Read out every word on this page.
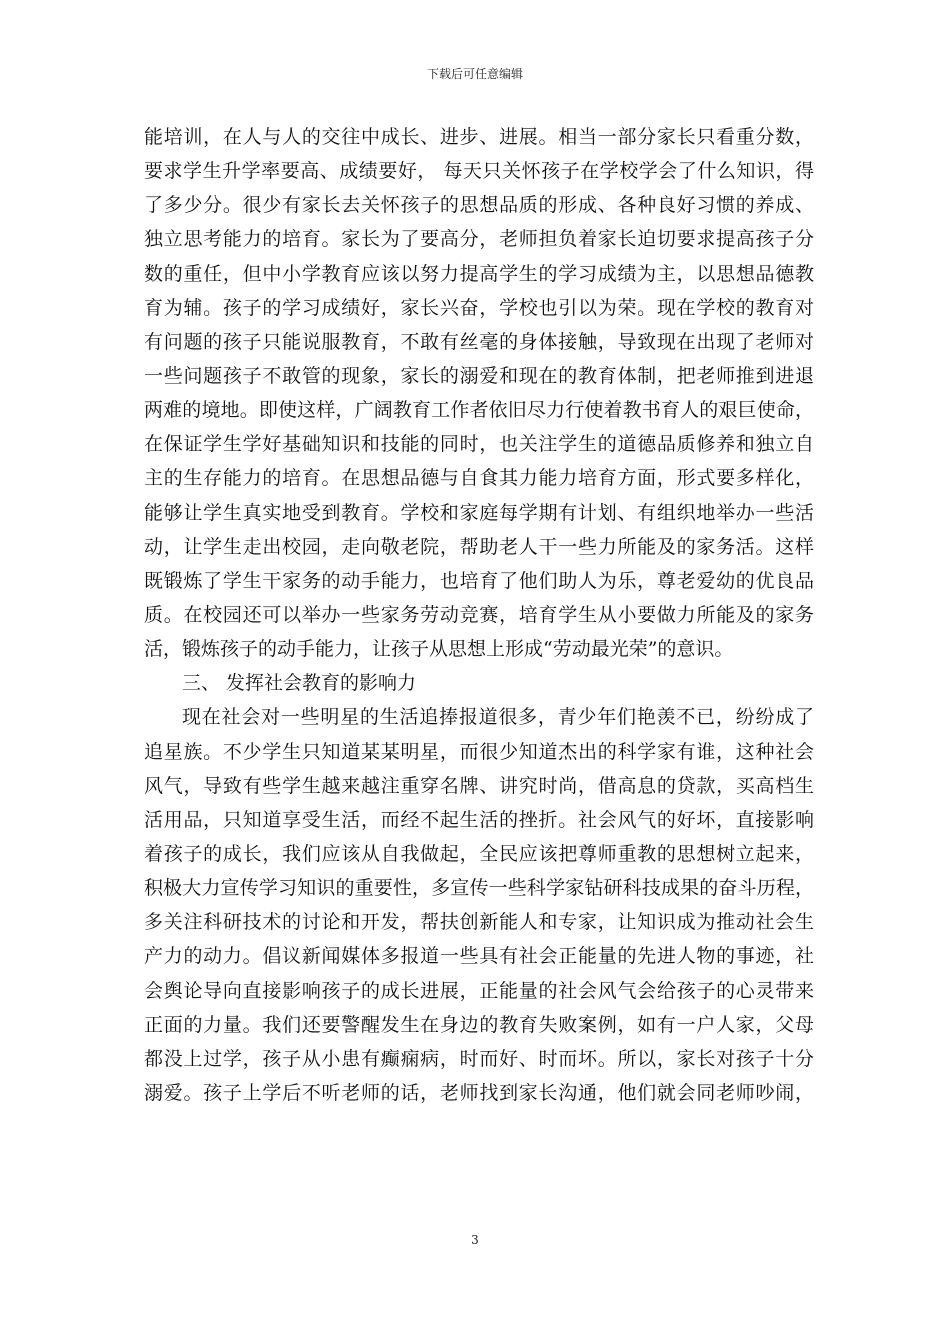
下载后可任意编辑
能培训，在人与人的交往中成长、进步、进展。相当一部分家长只看重分数，
要求学生升学率要高、成绩要好， 每天只关怀孩子在学校学会了什么知识，得
了多少分。很少有家长去关怀孩子的思想品质的形成、各种良好习惯的养成、
独立思考能力的培育。家长为了要高分，老师担负着家长迫切要求提高孩子分
数的重任，但中小学教育应该以努力提高学生的学习成绩为主，以思想品德教
育为辅。孩子的学习成绩好，家长兴奋，学校也引以为荣。现在学校的教育对
有问题的孩子只能说服教育，不敢有丝毫的身体接触，导致现在出现了老师对
一些问题孩子不敢管的现象，家长的溺爱和现在的教育体制，把老师推到进退
两难的境地。即使这样，广阔教育工作者依旧尽力行使着教书育人的艰巨使命，
在保证学生学好基础知识和技能的同时，也关注学生的道德品质修养和独立自
主的生存能力的培育。在思想品德与自食其力能力培育方面，形式要多样化，
能够让学生真实地受到教育。学校和家庭每学期有计划、有组织地举办一些活
动，让学生走出校园，走向敬老院，帮助老人干一些力所能及的家务活。这样
既锻炼了学生干家务的动手能力，也培育了他们助人为乐，尊老爱幼的优良品
质。在校园还可以举办一些家务劳动竞赛，培育学生从小要做力所能及的家务
活，锻炼孩子的动手能力，让孩子从思想上形成“劳动最光荣”的意识。
三、 发挥社会教育的影响力
现在社会对一些明星的生活追捧报道很多，青少年们艳羡不已，纷纷成了
追星族。不少学生只知道某某明星，而很少知道杰出的科学家有谁，这种社会
风气，导致有些学生越来越注重穿名牌、讲究时尚，借高息的贷款，买高档生
活用品，只知道享受生活，而经不起生活的挫折。社会风气的好坏，直接影响
着孩子的成长，我们应该从自我做起，全民应该把尊师重教的思想树立起来，
积极大力宣传学习知识的重要性，多宣传一些科学家钻研科技成果的奋斗历程，
多关注科研技术的讨论和开发，帮扶创新能人和专家，让知识成为推动社会生
产力的动力。倡议新闻媒体多报道一些具有社会正能量的先进人物的事迹，社
会舆论导向直接影响孩子的成长进展，正能量的社会风气会给孩子的心灵带来
正面的力量。我们还要警醒发生在身边的教育失败案例，如有一户人家，父母
都没上过学，孩子从小患有癫痫病，时而好、时而坏。所以，家长对孩子十分
溺爱。孩子上学后不听老师的话，老师找到家长沟通，他们就会同老师吵闹，
3
